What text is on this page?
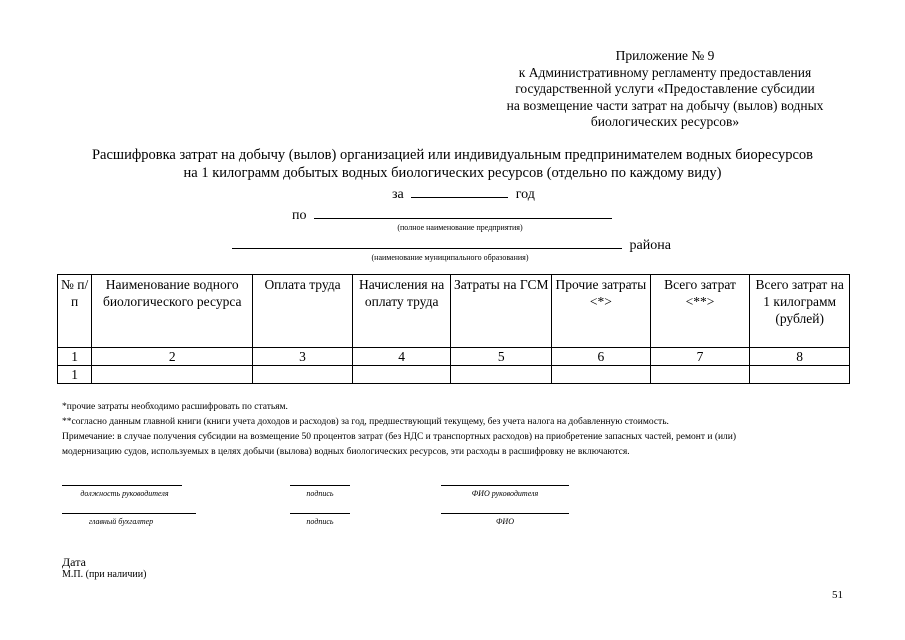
Приложение № 9
к Административному регламенту предоставления
государственной услуги «Предоставление субсидии
на возмещение части затрат на добычу (вылов) водных
биологических ресурсов»
Расшифровка затрат на добычу (вылов) организацией или индивидуальным предпринимателем водных биоресурсов
на 1 килограмм добытых водных биологических ресурсов (отдельно по каждому виду)
за	год
по
(полное наименование предприятия)
района
(наименование муниципального образования)
№ п/п	Наименование водного биологического ресурса	Оплата труда	Начисления на оплату труда	Затраты на ГСМ	Прочие затраты <*>	Всего затрат <**>	Всего затрат на 1 килограмм (рублей)
1	2	3	4	5	6	7	8
1							
*прочие затраты необходимо расшифровать по статьям.
**согласно данным главной книги (книги учета доходов и расходов) за год, предшествующий текущему, без учета налога на добавленную стоимость.
Примечание: в случае получения субсидии на возмещение 50 процентов затрат (без НДС и транспортных расходов) на приобретение запасных частей, ремонт и (или)
модернизацию судов, используемых в целях добычи (вылова) водных биологических ресурсов, эти расходы в расшифровку не включаются.
должность руководителя	подпись	ФИО руководителя
главный бухгалтер	подпись	ФИО
Дата
М.П. (при наличии)
51
